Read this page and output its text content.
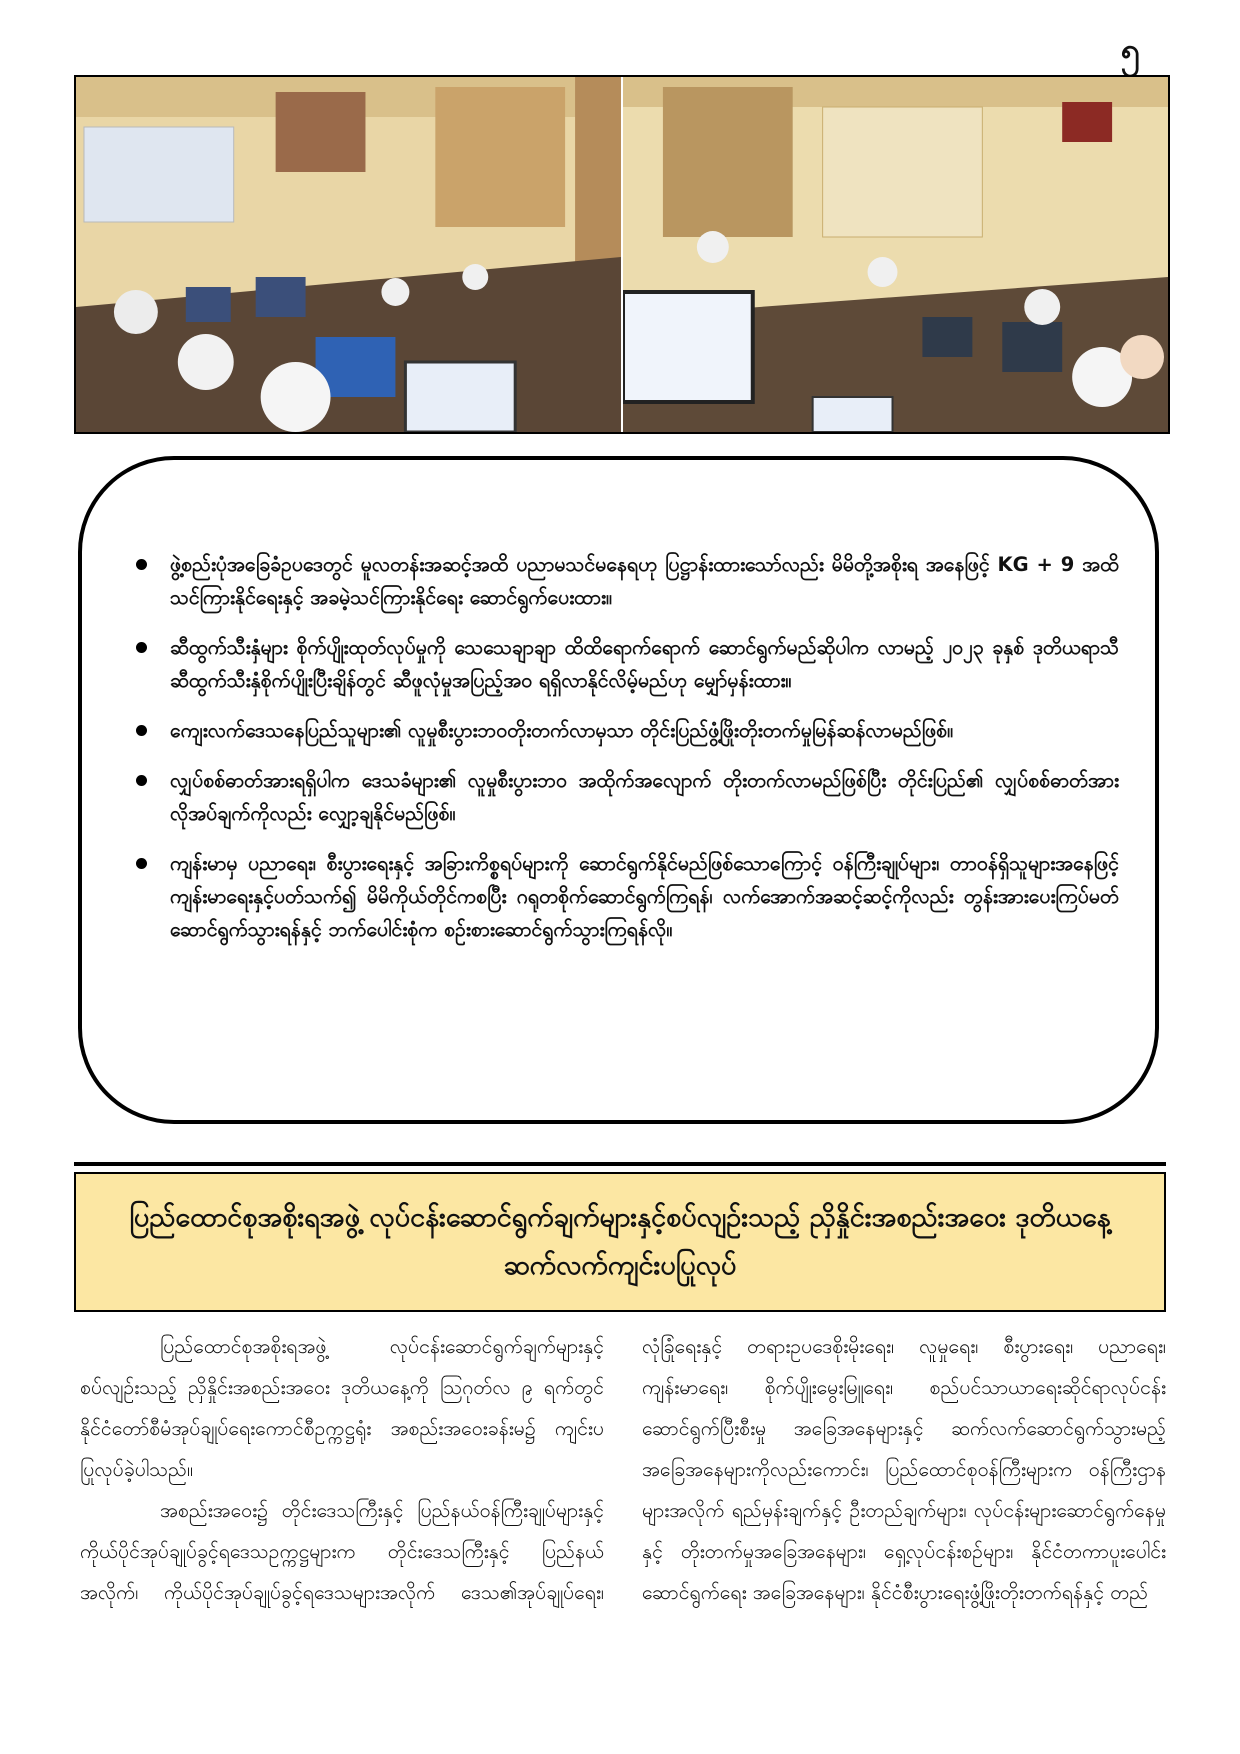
၅
ဖွဲ့စည်းပုံအခြေခံဥပဒေတွင် မူလတန်းအဆင့်အထိ ပညာမသင်မနေရဟု ပြဋ္ဌာန်းထားသော်လည်း မိမိတို့အစိုးရ အနေဖြင့် KG + 9 အထိ သင်ကြားနိုင်ရေးနှင့် အခမဲ့သင်ကြားနိုင်ရေး ဆောင်ရွက်ပေးထား။
ဆီထွက်သီးနှံများ စိုက်ပျိုးထုတ်လုပ်မှုကို သေသေချာချာ ထိထိရောက်ရောက် ဆောင်ရွက်မည်ဆိုပါက လာမည့် ၂၀၂၃ ခုနှစ် ဒုတိယရာသီ ဆီထွက်သီးနှံစိုက်ပျိုးပြီးချိန်တွင် ဆီဖူလုံမှုအပြည့်အဝ ရရှိလာနိုင်လိမ့်မည်ဟု မျှော်မှန်းထား။
ကျေးလက်ဒေသနေပြည်သူများ၏ လူမှုစီးပွားဘဝတိုးတက်လာမှသာ တိုင်းပြည်ဖွံ့ဖြိုးတိုးတက်မှုမြန်ဆန်လာမည်ဖြစ်။
လျှပ်စစ်ဓာတ်အားရရှိပါက ဒေသခံများ၏ လူမှုစီးပွားဘဝ အထိုက်အလျောက် တိုးတက်လာမည်ဖြစ်ပြီး တိုင်းပြည်၏ လျှပ်စစ်ဓာတ်အားလိုအပ်ချက်ကိုလည်း လျှော့ချနိုင်မည်ဖြစ်။
ကျန်းမာမှ ပညာရေး၊ စီးပွားရေးနှင့် အခြားကိစ္စရပ်များကို ဆောင်ရွက်နိုင်မည်ဖြစ်သောကြောင့် ဝန်ကြီးချုပ်များ၊ တာဝန်ရှိသူများအနေဖြင့် ကျန်းမာရေးနှင့်ပတ်သက်၍ မိမိကိုယ်တိုင်ကစပြီး ဂရုတစိုက်ဆောင်ရွက်ကြရန်၊ လက်အောက်အဆင့်ဆင့်ကိုလည်း တွန်းအားပေးကြပ်မတ်ဆောင်ရွက်သွားရန်နှင့် ဘက်ပေါင်းစုံက စဉ်းစားဆောင်ရွက်သွားကြရန်လို။
ပြည်ထောင်စုအစိုးရအဖွဲ့ လုပ်ငန်းဆောင်ရွက်ချက်များနှင့်စပ်လျဉ်းသည့် ညှိနှိုင်းအစည်းအဝေး ဒုတိယနေ့ ဆက်လက်ကျင်းပပြုလုပ်

ပြည်ထောင်စုအစိုးရအဖွဲ့ လုပ်ငန်းဆောင်ရွက်ချက်များနှင့်စပ်လျဉ်းသည့် ညှိနှိုင်းအစည်းအဝေး ဒုတိယနေ့ကို ဩဂုတ်လ ၉ ရက်တွင် နိုင်ငံတော်စီမံအုပ်ချုပ်ရေးကောင်စီဥက္ကဋ္ဌရုံး အစည်းအဝေးခန်းမ၌ ကျင်းပပြုလုပ်ခဲ့ပါသည်။

အစည်းအဝေး၌ တိုင်းဒေသကြီးနှင့် ပြည်နယ်ဝန်ကြီးချုပ်များနှင့် ကိုယ်ပိုင်အုပ်ချုပ်ခွင့်ရဒေသဥက္ကဋ္ဌများက တိုင်းဒေသကြီးနှင့် ပြည်နယ်အလိုက်၊ ကိုယ်ပိုင်အုပ်ချုပ်ခွင့်ရဒေသများအလိုက် ဒေသ၏အုပ်ချုပ်ရေး၊ လုံခြုံရေးနှင့် တရားဥပဒေစိုးမိုးရေး၊ လူမှုရေး၊ စီးပွားရေး၊ ပညာရေး၊ ကျန်းမာရေး၊ စိုက်ပျိုးမွေးမြူရေး၊ စည်ပင်သာယာရေးဆိုင်ရာလုပ်ငန်းဆောင်ရွက်ပြီးစီးမှု အခြေအနေများနှင့် ဆက်လက်ဆောင်ရွက်သွားမည့် အခြေအနေများကိုလည်းကောင်း၊ ပြည်ထောင်စုဝန်ကြီးများက ဝန်ကြီးဌာနများအလိုက် ရည်မှန်းချက်နှင့် ဦးတည်ချက်များ၊ လုပ်ငန်းများဆောင်ရွက်နေမှုနှင့် တိုးတက်မှုအခြေအနေများ၊ ရှေ့လုပ်ငန်းစဉ်များ၊ နိုင်ငံတကာပူးပေါင်းဆောင်ရွက်ရေး အခြေအနေများ၊ နိုင်ငံစီးပွားရေးဖွံ့ဖြိုးတိုးတက်ရန်နှင့် တည်
